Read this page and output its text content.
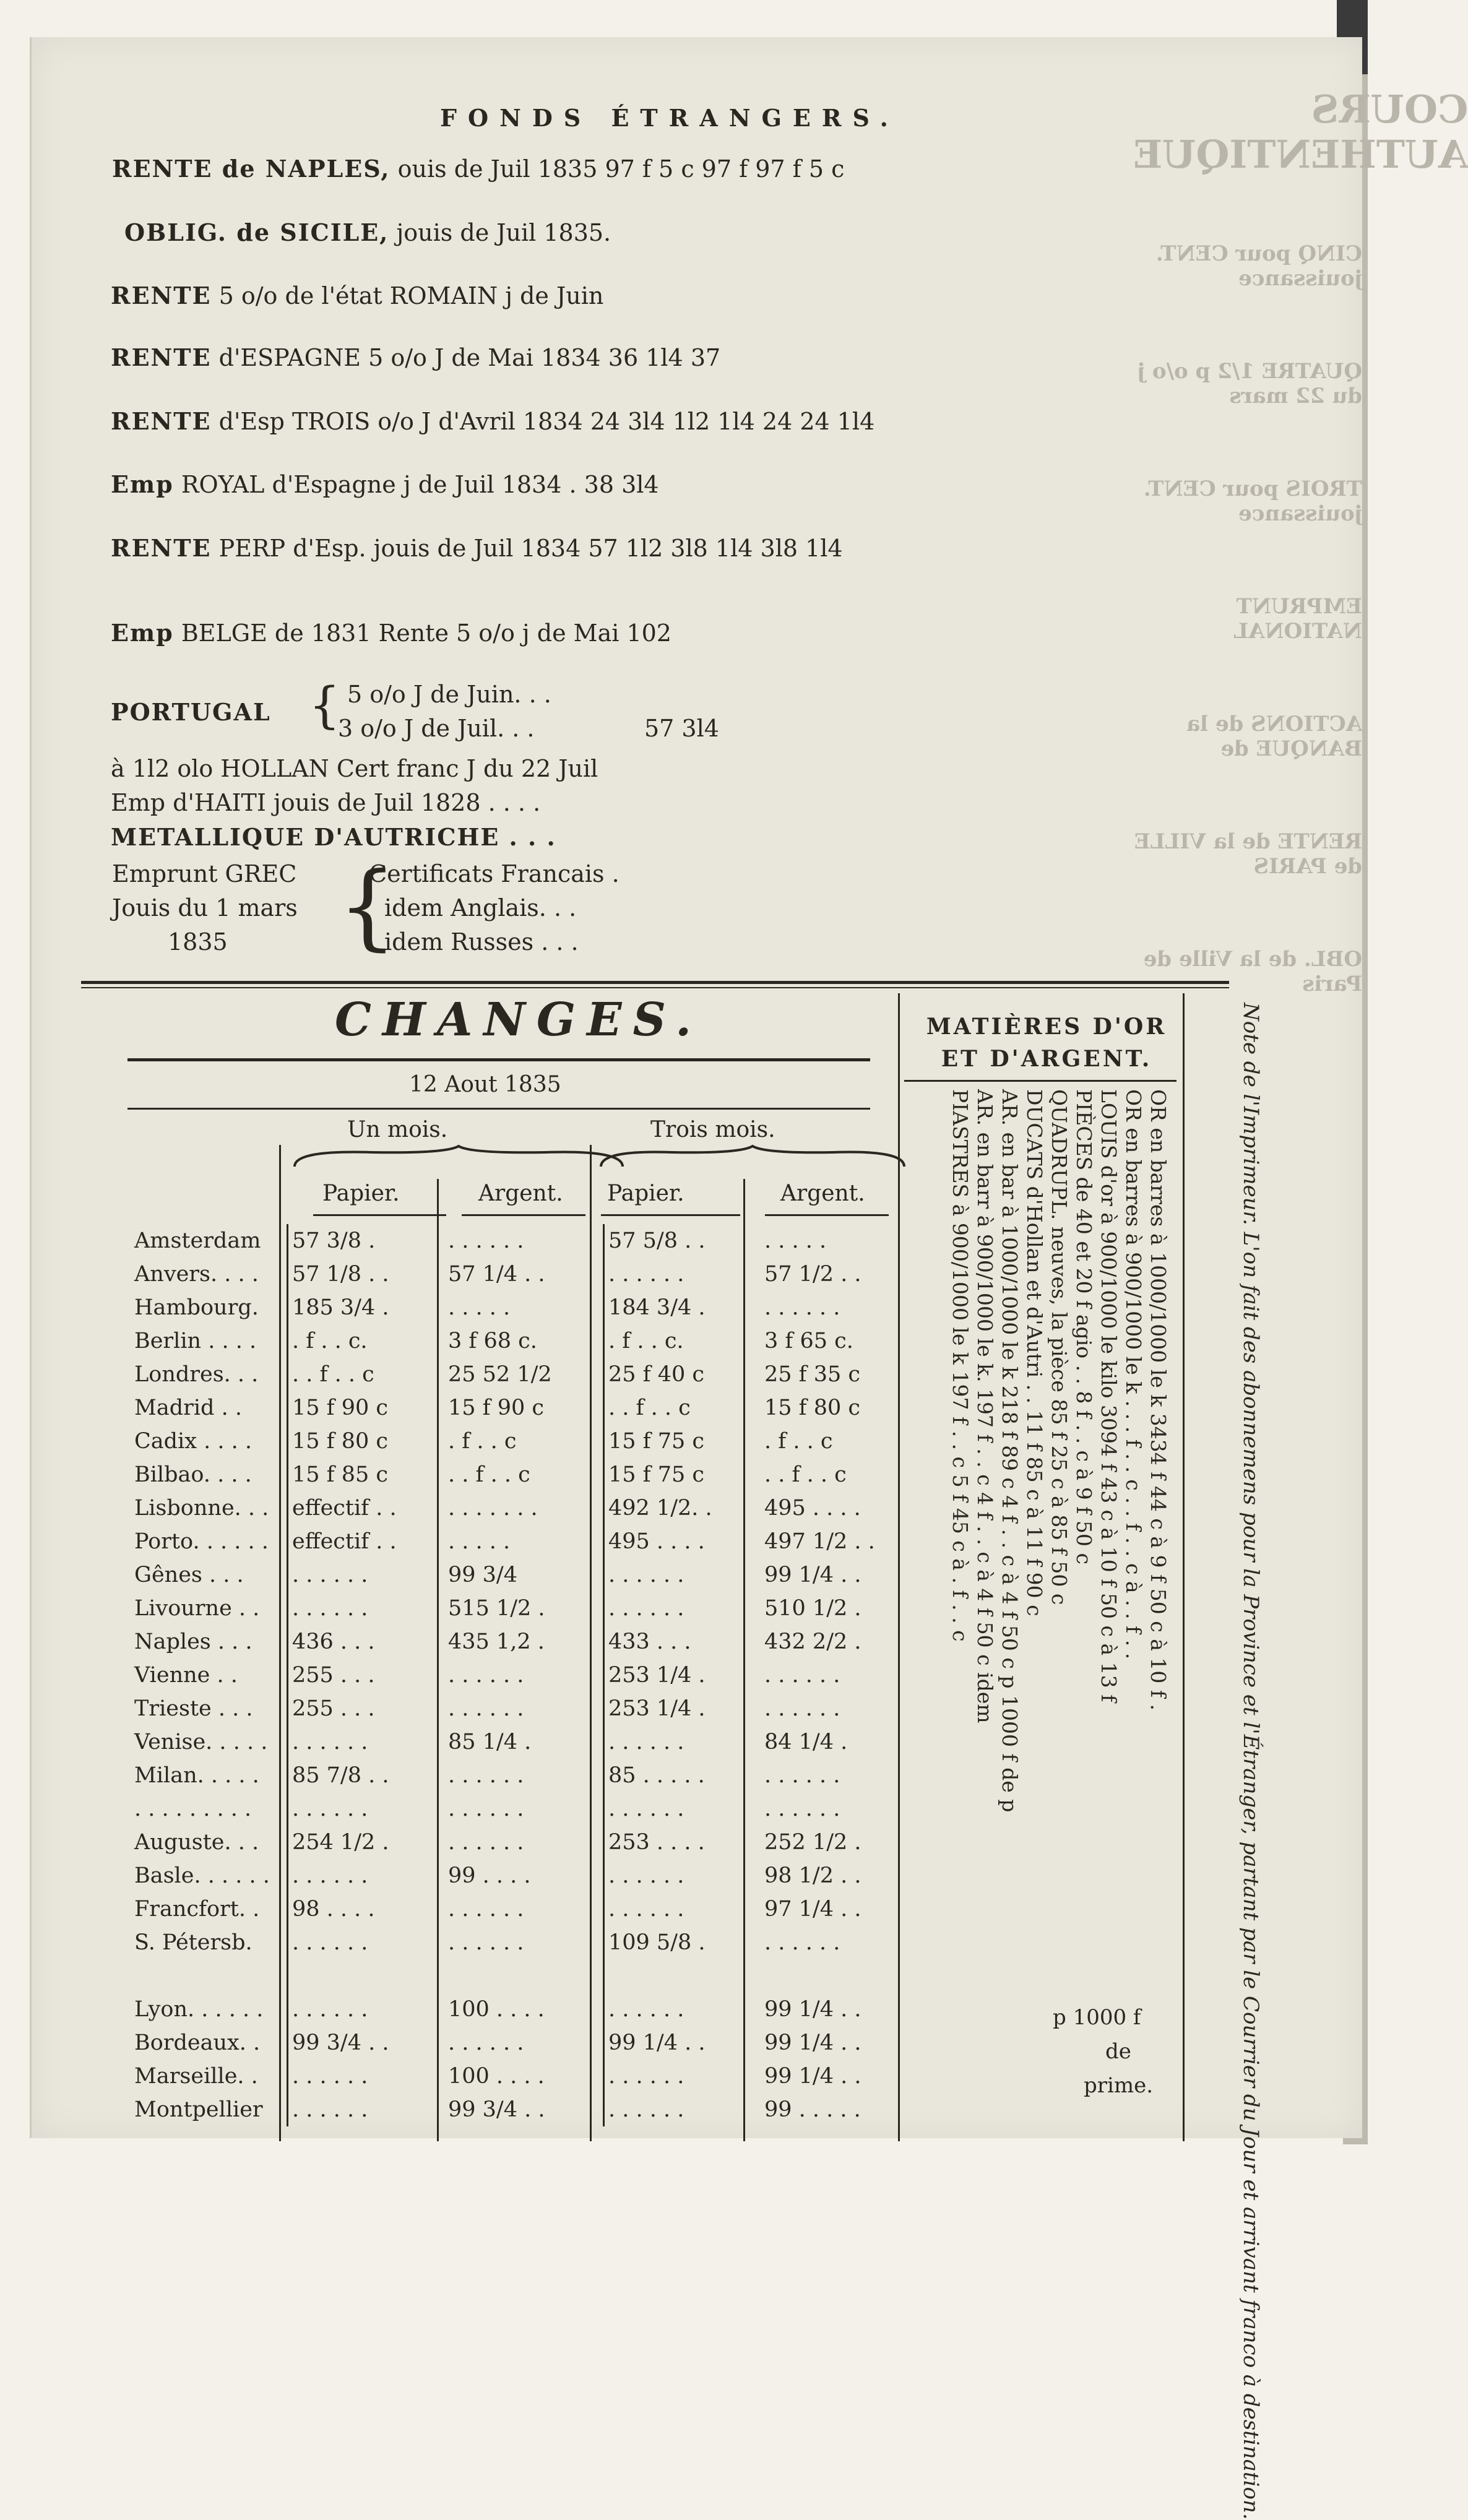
COURS AUTHENTIQUE
CINQ pour CENT. jouissance
QUATRE 1/2 p o/o j du 22 mars
TROIS pour CENT. jouissance
EMPRUNT NATIONAL
ACTIONS de la BANQUE de
RENTE de la VILLE de PARIS
OBL. de la Ville de Paris
FONDS ÉTRANGERS.
RENTE de NAPLES, ouis de Juil 1835 97 f 5 c 97 f 97 f 5 c
OBLIG. de SICILE, jouis de Juil 1835.
RENTE 5 o/o de l'état ROMAIN j de Juin
RENTE d'ESPAGNE 5 o/o J de Mai 1834 36 1l4 37
RENTE d'Esp TROIS o/o J d'Avril 1834 24 3l4 1l2 1l4 24 24 1l4
Emp ROYAL d'Espagne j de Juil 1834 . 38 3l4
RENTE PERP d'Esp. jouis de Juil 1834 57 1l2 3l8 1l4 3l8 1l4
Emp BELGE de 1831 Rente 5 o/o j de Mai 102
PORTUGAL { 5 o/o J de Juin. . .
3 o/o J de Juil. . .	57 3l4
à 1l2 olo HOLLAN Cert franc J du 22 Juil
Emp d'HAITI jouis de Juil 1828 . . . .
METALLIQUE D'AUTRICHE . . .
Emprunt GREC
Jouis du 1 mars
1835 {
Certificats Francais .
idem Anglais. . .
idem Russes . . .
CHANGES.
12 Aout 1835
Un mois.	Trois mois.
Papier.	Argent. Papier.	Argent.
Amsterdam	57 3/8 .	. . . . . .	57 5/8 . .	. . . . .
Anvers. . . .	57 1/8 . .	57 1/4 . .	. . . . . .	57 1/2 . .
Hambourg.	185 3/4 .	. . . . .	184 3/4 .	. . . . . .
Berlin . . . .	. f . . c.	3 f 68 c.	. f . . c.	3 f 65 c.
Londres. . .	. . f . . c	25 52 1/2	25 f 40 c	25 f 35 c
Madrid . .	15 f 90 c	15 f 90 c	. . f . . c	15 f 80 c
Cadix . . . .	15 f 80 c	. f . . c	15 f 75 c	. f . . c
Bilbao. . . .	15 f 85 c	. . f . . c	15 f 75 c	. . f . . c
Lisbonne. . .	effectif . .	. . . . . . .	492 1/2. .	495 . . . .
Porto. . . . . .	effectif . .	. . . . .	495 . . . .	497 1/2 . .
Gênes . . .	. . . . . .	99 3/4	. . . . . .	99 1/4 . .
Livourne . .	. . . . . .	515 1/2 .	. . . . . .	510 1/2 .
Naples . . .	436 . . .	435 1,2 .	433 . . .	432 2/2 .
Vienne . .	255 . . .	. . . . . .	253 1/4 .	. . . . . .
Trieste . . .	255 . . .	. . . . . .	253 1/4 .	. . . . . .
Venise. . . . .	. . . . . .	85 1/4 .	. . . . . .	84 1/4 .
Milan. . . . .	85 7/8 . .	. . . . . .	85 . . . . .	. . . . . .
. . . . . . . . .	. . . . . .	. . . . . .	. . . . . .	. . . . . .
Auguste. . .	254 1/2 .	. . . . . .	253 . . . .	252 1/2 .
Basle. . . . . .	. . . . . .	99 . . . .	. . . . . .	98 1/2 . .
Francfort. .	98 . . . .	. . . . . .	. . . . . .	97 1/4 . .
S. Pétersb.	. . . . . .	. . . . . .	109 5/8 .	. . . . . .

Lyon. . . . . .	. . . . . .	100 . . . .	. . . . . .	99 1/4 . .
Bordeaux. .	99 3/4 . .	. . . . . .	99 1/4 . .	99 1/4 . .
Marseille. .	. . . . . .	100 . . . .	. . . . . .	99 1/4 . .
Montpellier	. . . . . .	99 3/4 . .	. . . . . .	99 . . . . .
MATIÈRES D'OR
ET D'ARGENT.
OR en barres à 1000/1000 le k 3434 f 44 c à 9 f 50 c à 10 f .
OR en barres à 900/1000 le k . . . f . . c . . f . . c à . . f . .
LOUIS d'or à 900/1000 le kilo 3094 f 43 c à 10 f 50 c à 13 f
PIÈCES de 40 et 20 f agio . . 8 f . . c à 9 f 50 c
QUADRUPL. neuves, la pièce 85 f 25 c à 85 f 50 c
DUCATS d'Hollan et d'Autri . . 11 f 85 c à 11 f 90 c
AR. en bar à 1000/1000 le k 218 f 89 c 4 f . . c à 4 f 50 c p 1000 f de p
AR. en barr à 900/1000 le k. 197 f . . c 4 f . . c à 4 f 50 c idem
PIASTRES à 900/1000 le k 197 f . . c 5 f 45 c à . f . . c
p 1000 f
de
prime.	Note de l'Imprimeur. L'on fait des abonnemens pour la Province et l'Étranger, partant par le Courrier du Jour et arrivant franco à destination.
